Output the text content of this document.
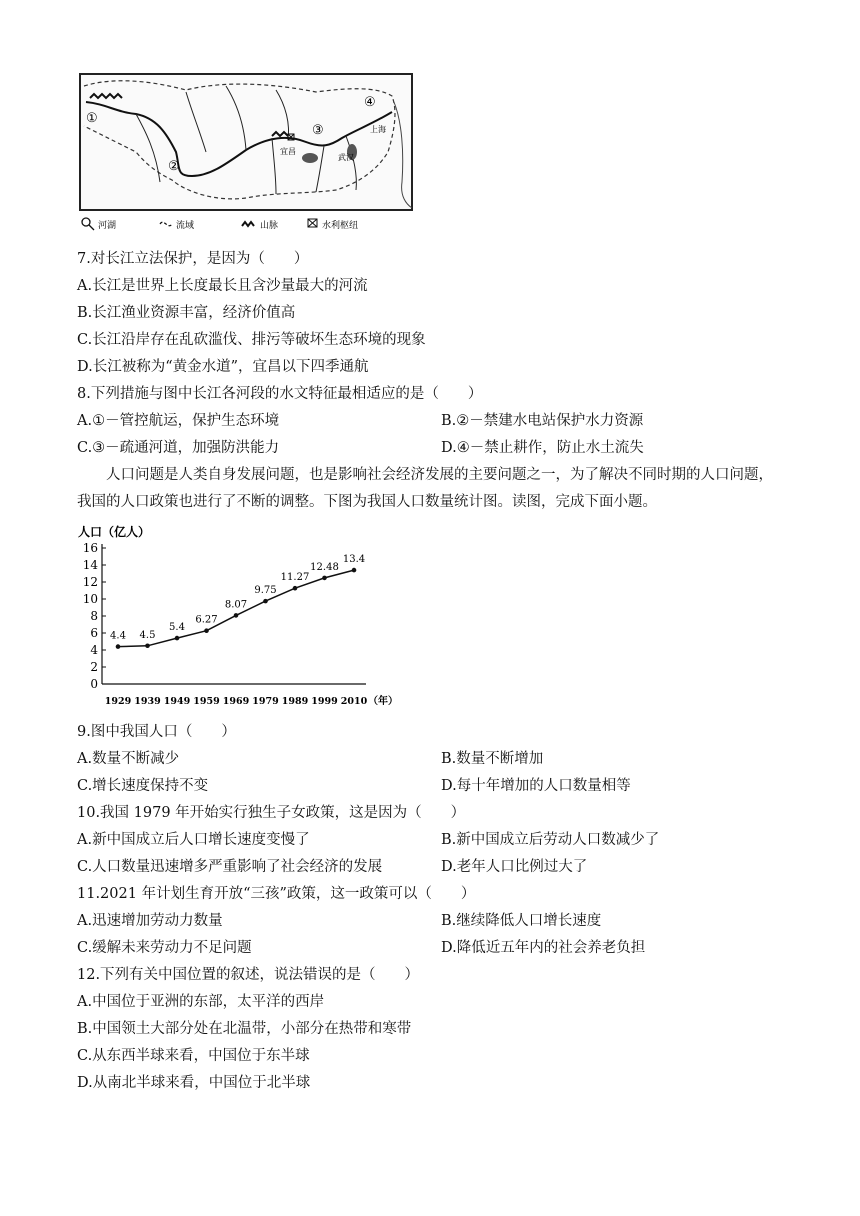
①
②
③
④
宜昌
武汉
上海
河湖	流域	山脉	水利枢纽
7.对长江立法保护，是因为（　　）
A.长江是世界上长度最长且含沙量最大的河流
B.长江渔业资源丰富，经济价值高
C.长江沿岸存在乱砍滥伐、排污等破坏生态环境的现象
D.长江被称为“黄金水道”，宜昌以下四季通航
8.下列措施与图中长江各河段的水文特征最相适应的是（　　）
A.①－管控航运，保护生态环境	B.②－禁建水电站保护水力资源
C.③－疏通河道，加强防洪能力	D.④－禁止耕作，防止水土流失
人口问题是人类自身发展问题，也是影响社会经济发展的主要问题之一，为了解决不同时期的人口问题，我国的人口政策也进行了不断的调整。下图为我国人口数量统计图。读图，完成下面小题。
人口（亿人）
0
2
4
6
8
10
12
14
16
1929 1939 1949 1959 1969 1979 1989 1999 2010
4.4 4.5
5.4
6.27
8.07
9.75
11.27
12.48
13.4
（年）
9.图中我国人口（　　）
A.数量不断减少	B.数量不断增加
C.增长速度保持不变	D.每十年增加的人口数量相等
10.我国 1979 年开始实行独生子女政策，这是因为（　　）
A.新中国成立后人口增长速度变慢了	B.新中国成立后劳动人口数减少了
C.人口数量迅速增多严重影响了社会经济的发展	D.老年人口比例过大了
11.2021 年计划生育开放“三孩”政策，这一政策可以（　　）
A.迅速增加劳动力数量	B.继续降低人口增长速度
C.缓解未来劳动力不足问题	D.降低近五年内的社会养老负担
12.下列有关中国位置的叙述，说法错误的是（　　）
A.中国位于亚洲的东部，太平洋的西岸
B.中国领土大部分处在北温带，小部分在热带和寒带
C.从东西半球来看，中国位于东半球
D.从南北半球来看，中国位于北半球
